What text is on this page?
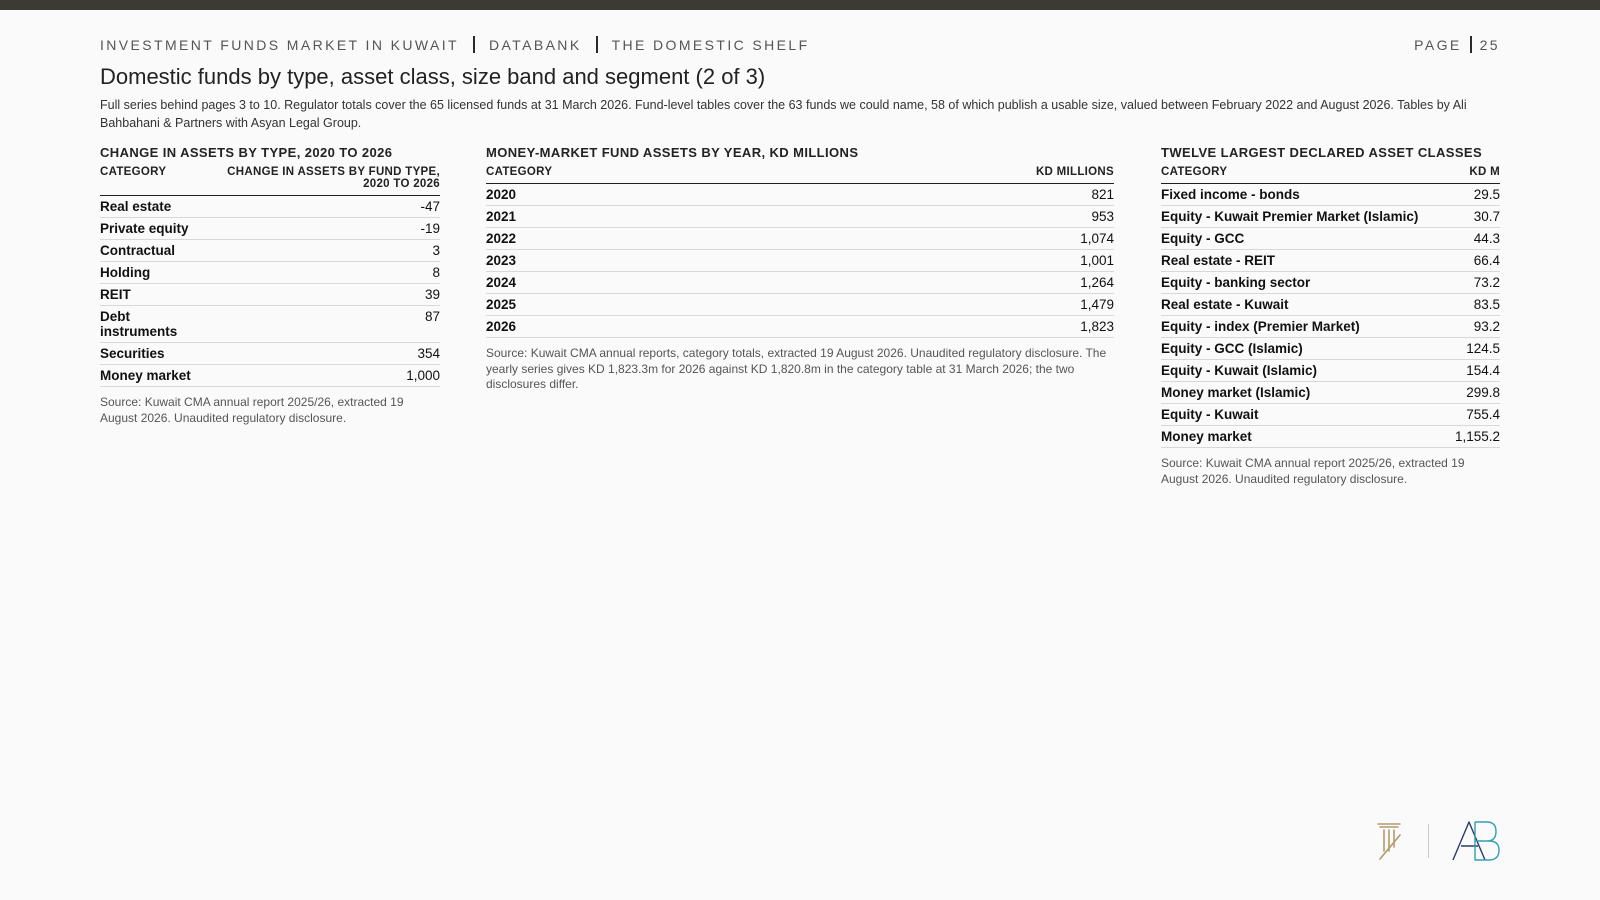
INVESTMENT FUNDS MARKET IN KUWAIT DATABANK THE DOMESTIC SHELF	PAGE 25
Domestic funds by type, asset class, size band and segment (2 of 3)

Full series behind pages 3 to 10. Regulator totals cover the 65 licensed funds at 31 March 2026. Fund-level tables cover the 63 funds we could name, 58 of which publish a usable size, valued between February 2022 and August 2026. Tables by Ali Bahbahani & Partners with Asyan Legal Group.

CHANGE IN ASSETS BY TYPE, 2020 TO 2026
CATEGORY	CHANGE IN ASSETS BY FUND TYPE, 2020 TO 2026
Real estate	-47
Private equity	-19
Contractual	3
Holding	8
REIT	39
Debt instruments	87
Securities	354
Money market	1,000

Source: Kuwait CMA annual report 2025/26, extracted 19 August 2026. Unaudited regulatory disclosure.

MONEY-MARKET FUND ASSETS BY YEAR, KD MILLIONS
CATEGORY	KD MILLIONS
2020	821
2021	953
2022	1,074
2023	1,001
2024	1,264
2025	1,479
2026	1,823

Source: Kuwait CMA annual reports, category totals, extracted 19 August 2026. Unaudited regulatory disclosure. The yearly series gives KD 1,823.3m for 2026 against KD 1,820.8m in the category table at 31 March 2026; the two disclosures differ.

TWELVE LARGEST DECLARED ASSET CLASSES
CATEGORY	KD M
Fixed income - bonds	29.5
Equity - Kuwait Premier Market (Islamic)	30.7
Equity - GCC	44.3
Real estate - REIT	66.4
Equity - banking sector	73.2
Real estate - Kuwait	83.5
Equity - index (Premier Market)	93.2
Equity - GCC (Islamic)	124.5
Equity - Kuwait (Islamic)	154.4
Money market (Islamic)	299.8
Equity - Kuwait	755.4
Money market	1,155.2

Source: Kuwait CMA annual report 2025/26, extracted 19 August 2026. Unaudited regulatory disclosure.
